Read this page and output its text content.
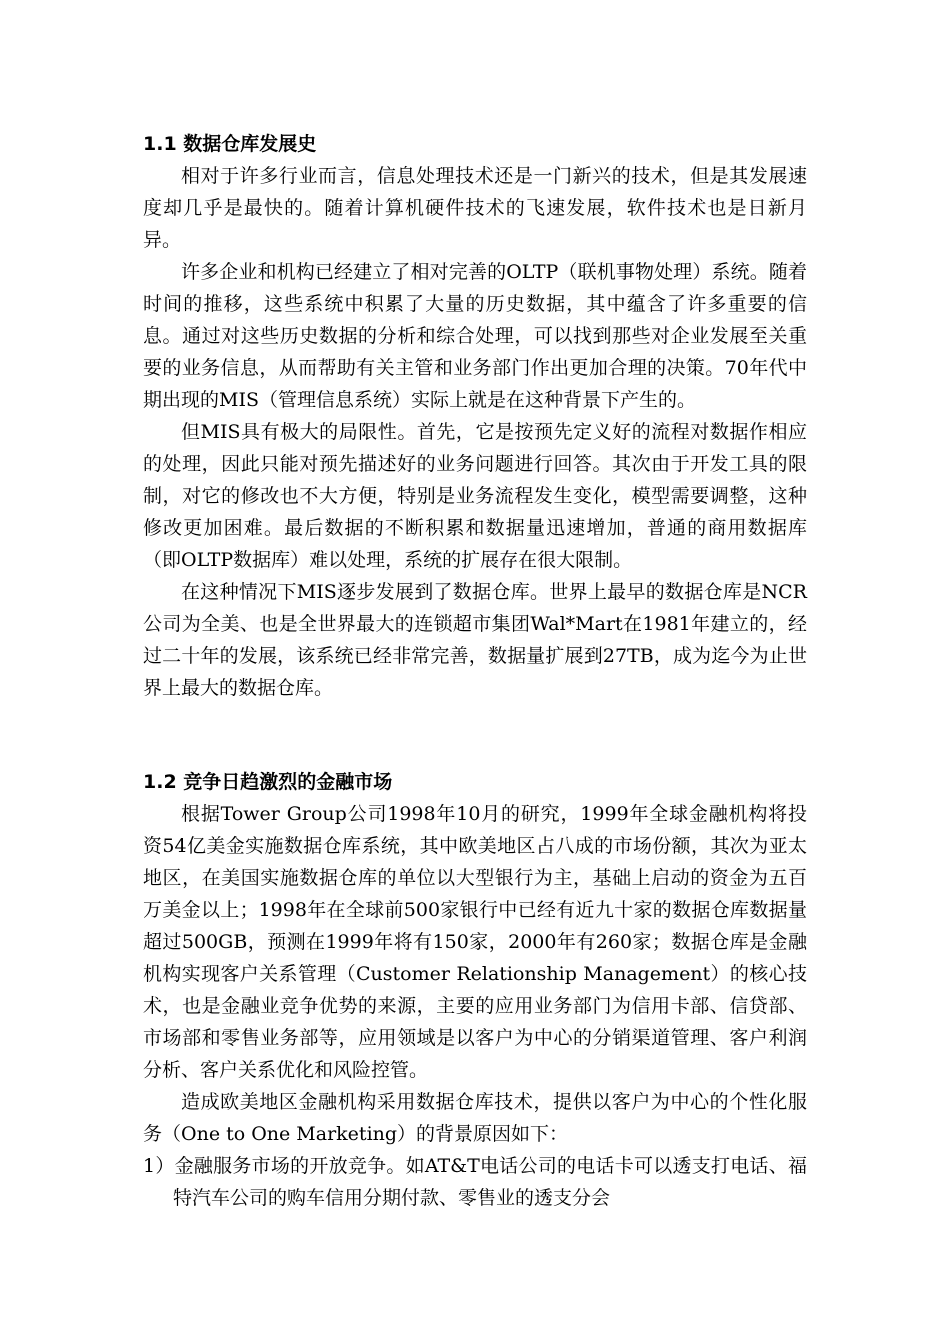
1.1 数据仓库发展史

相对于许多行业而言，信息处理技术还是一门新兴的技术，但是其发展速度却几乎是最快的。随着计算机硬件技术的飞速发展，软件技术也是日新月异。

许多企业和机构已经建立了相对完善的OLTP（联机事物处理）系统。随着时间的推移，这些系统中积累了大量的历史数据，其中蕴含了许多重要的信息。通过对这些历史数据的分析和综合处理，可以找到那些对企业发展至关重要的业务信息，从而帮助有关主管和业务部门作出更加合理的决策。70年代中期出现的MIS（管理信息系统）实际上就是在这种背景下产生的。

但MIS具有极大的局限性。首先，它是按预先定义好的流程对数据作相应的处理，因此只能对预先描述好的业务问题进行回答。其次由于开发工具的限制，对它的修改也不大方便，特别是业务流程发生变化，模型需要调整，这种修改更加困难。最后数据的不断积累和数据量迅速增加，普通的商用数据库（即OLTP数据库）难以处理，系统的扩展存在很大限制。

在这种情况下MIS逐步发展到了数据仓库。世界上最早的数据仓库是NCR公司为全美、也是全世界最大的连锁超市集团Wal*Mart在1981年建立的，经过二十年的发展，该系统已经非常完善，数据量扩展到27TB，成为迄今为止世界上最大的数据仓库。

1.2 竞争日趋激烈的金融市场

根据Tower Group公司1998年10月的研究，1999年全球金融机构将投资54亿美金实施数据仓库系统，其中欧美地区占八成的市场份额，其次为亚太地区，在美国实施数据仓库的单位以大型银行为主，基础上启动的资金为五百万美金以上；1998年在全球前500家银行中已经有近九十家的数据仓库数据量超过500GB，预测在1999年将有150家，2000年有260家；数据仓库是金融机构实现客户关系管理（Customer Relationship Management）的核心技术，也是金融业竞争优势的来源，主要的应用业务部门为信用卡部、信贷部、市场部和零售业务部等，应用领域是以客户为中心的分销渠道管理、客户利润分析、客户关系优化和风险控管。

造成欧美地区金融机构采用数据仓库技术，提供以客户为中心的个性化服务（One to One Marketing）的背景原因如下：

1）金融服务市场的开放竞争。如AT&T电话公司的电话卡可以透支打电话、福特汽车公司的购车信用分期付款、零售业的透支分会
